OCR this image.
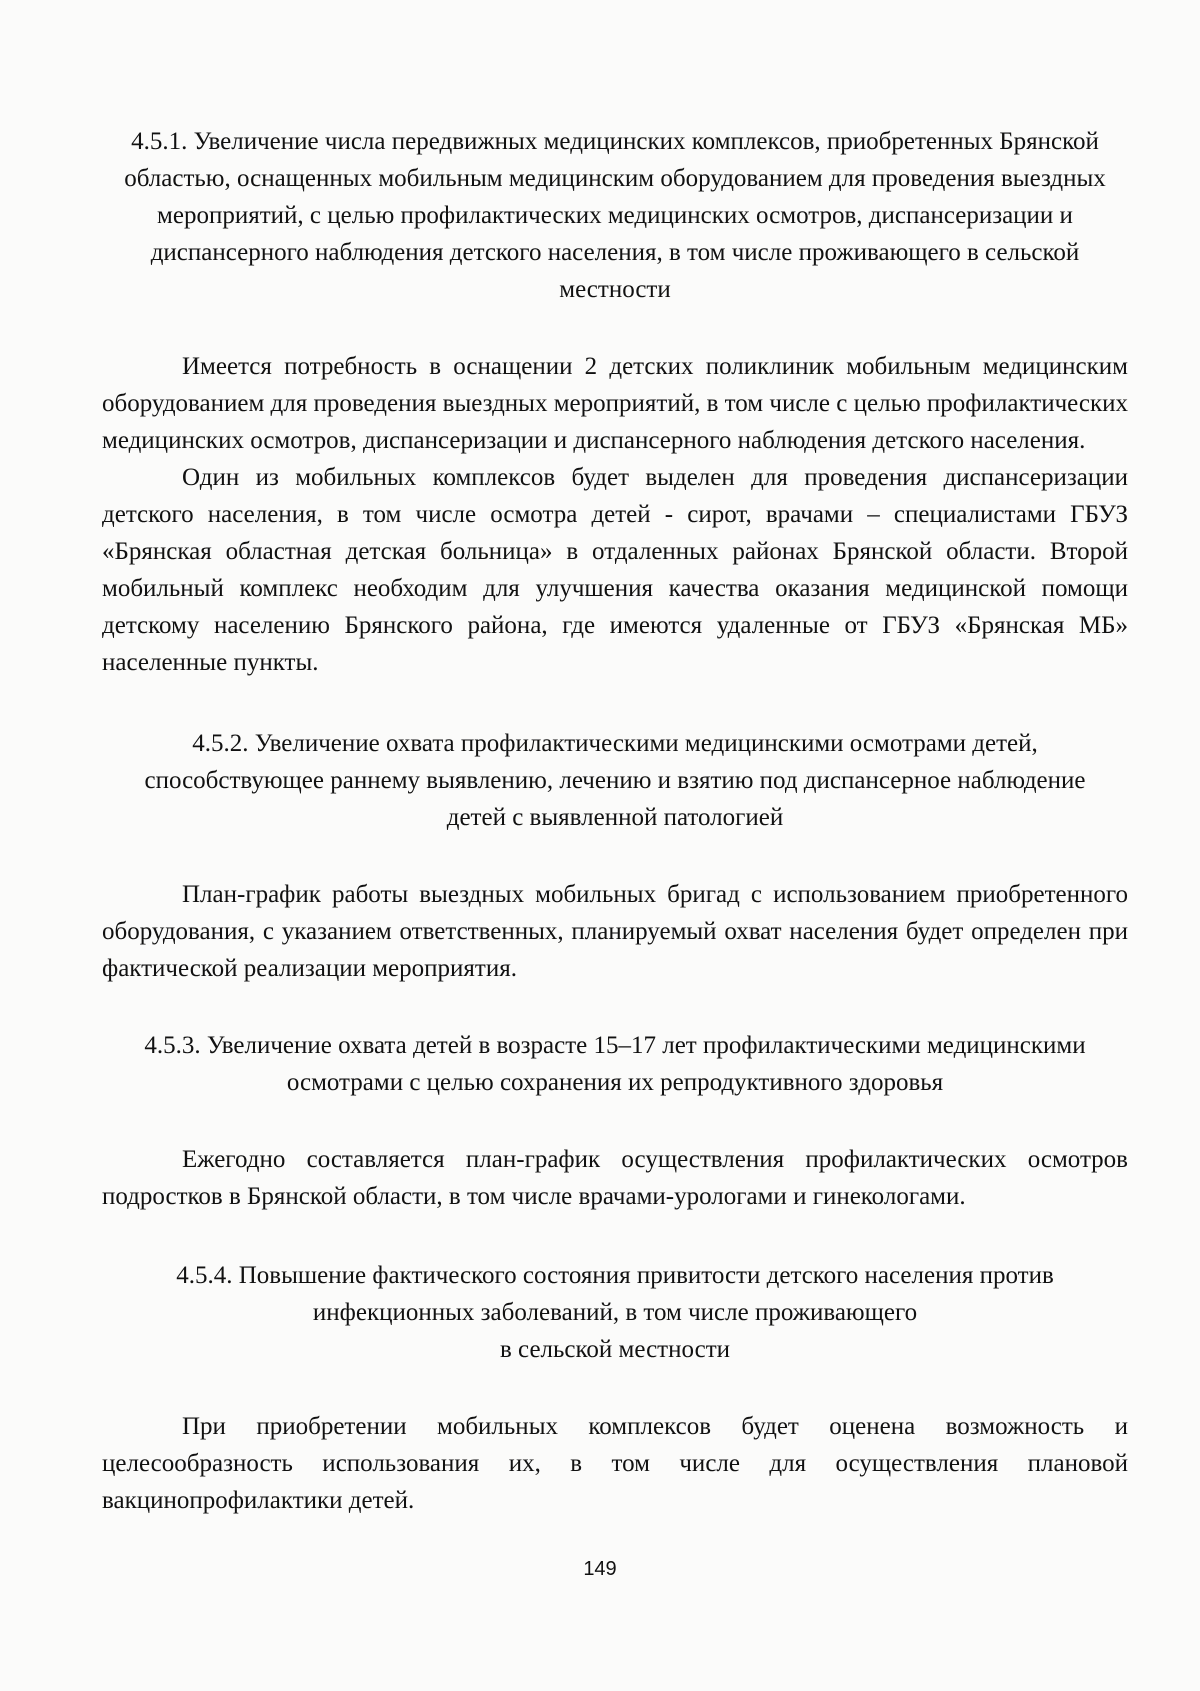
4.5.1. Увеличение числа передвижных медицинских комплексов, приобретенных Брянской областью, оснащенных мобильным медицинским оборудованием для проведения выездных мероприятий, с целью профилактических медицинских осмотров, диспансеризации и диспансерного наблюдения детского населения, в том числе проживающего в сельской местности

Имеется потребность в оснащении 2 детских поликлиник мобильным медицинским оборудованием для проведения выездных мероприятий, в том числе с целью профилактических медицинских осмотров, диспансеризации и диспансерного наблюдения детского населения.

Один из мобильных комплексов будет выделен для проведения диспансеризации детского населения, в том числе осмотра детей - сирот, врачами – специалистами ГБУЗ «Брянская областная детская больница» в отдаленных районах Брянской области. Второй мобильный комплекс необходим для улучшения качества оказания медицинской помощи детскому населению Брянского района, где имеются удаленные от ГБУЗ «Брянская МБ» населенные пункты.

4.5.2. Увеличение охвата профилактическими медицинскими осмотрами детей, способствующее раннему выявлению, лечению и взятию под диспансерное наблюдение детей с выявленной патологией

План-график работы выездных мобильных бригад с использованием приобретенного оборудования, с указанием ответственных, планируемый охват населения будет определен при фактической реализации мероприятия.

4.5.3. Увеличение охвата детей в возрасте 15–17 лет профилактическими медицинскими осмотрами с целью сохранения их репродуктивного здоровья

Ежегодно составляется план-график осуществления профилактических осмотров подростков в Брянской области, в том числе врачами-урологами и гинекологами.

4.5.4. Повышение фактического состояния привитости детского населения против инфекционных заболеваний, в том числе проживающего
в сельской местности

При приобретении мобильных комплексов будет оценена возможность и целесообразность использования их, в том числе для осуществления плановой вакцинопрофилактики детей.

149
